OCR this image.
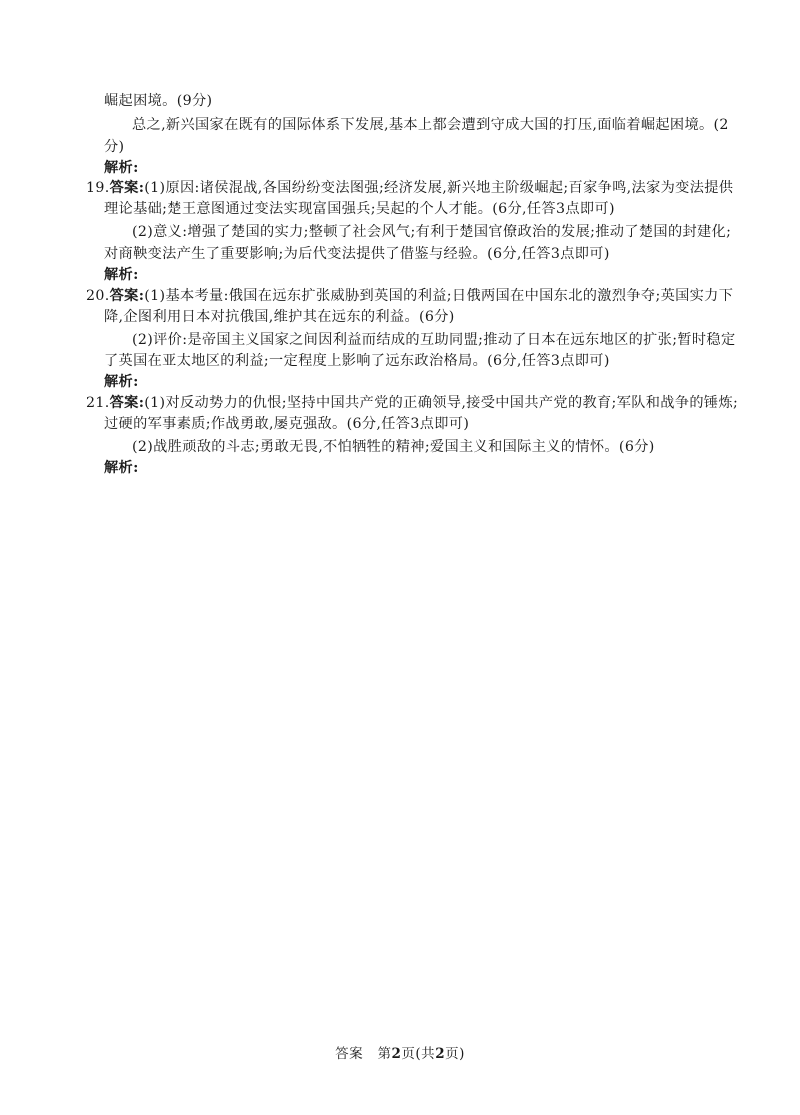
崛起困境。(9分)
总之,新兴国家在既有的国际体系下发展,基本上都会遭到守成大国的打压,面临着崛起困境。(2
分)
解析:
19.答案:(1)原因:诸侯混战,各国纷纷变法图强;经济发展,新兴地主阶级崛起;百家争鸣,法家为变法提供
理论基础;楚王意图通过变法实现富国强兵;吴起的个人才能。(6分,任答3点即可)
(2)意义:增强了楚国的实力;整顿了社会风气;有利于楚国官僚政治的发展;推动了楚国的封建化;
对商鞅变法产生了重要影响;为后代变法提供了借鉴与经验。(6分,任答3点即可)
解析:
20.答案:(1)基本考量:俄国在远东扩张威胁到英国的利益;日俄两国在中国东北的激烈争夺;英国实力下
降,企图利用日本对抗俄国,维护其在远东的利益。(6分)
(2)评价:是帝国主义国家之间因利益而结成的互助同盟;推动了日本在远东地区的扩张;暂时稳定
了英国在亚太地区的利益;一定程度上影响了远东政治格局。(6分,任答3点即可)
解析:
21.答案:(1)对反动势力的仇恨;坚持中国共产党的正确领导,接受中国共产党的教育;军队和战争的锤炼;
过硬的军事素质;作战勇敢,屡克强敌。(6分,任答3点即可)
(2)战胜顽敌的斗志;勇敢无畏,不怕牺牲的精神;爱国主义和国际主义的情怀。(6分)
解析:
答案 第2页(共2页)
